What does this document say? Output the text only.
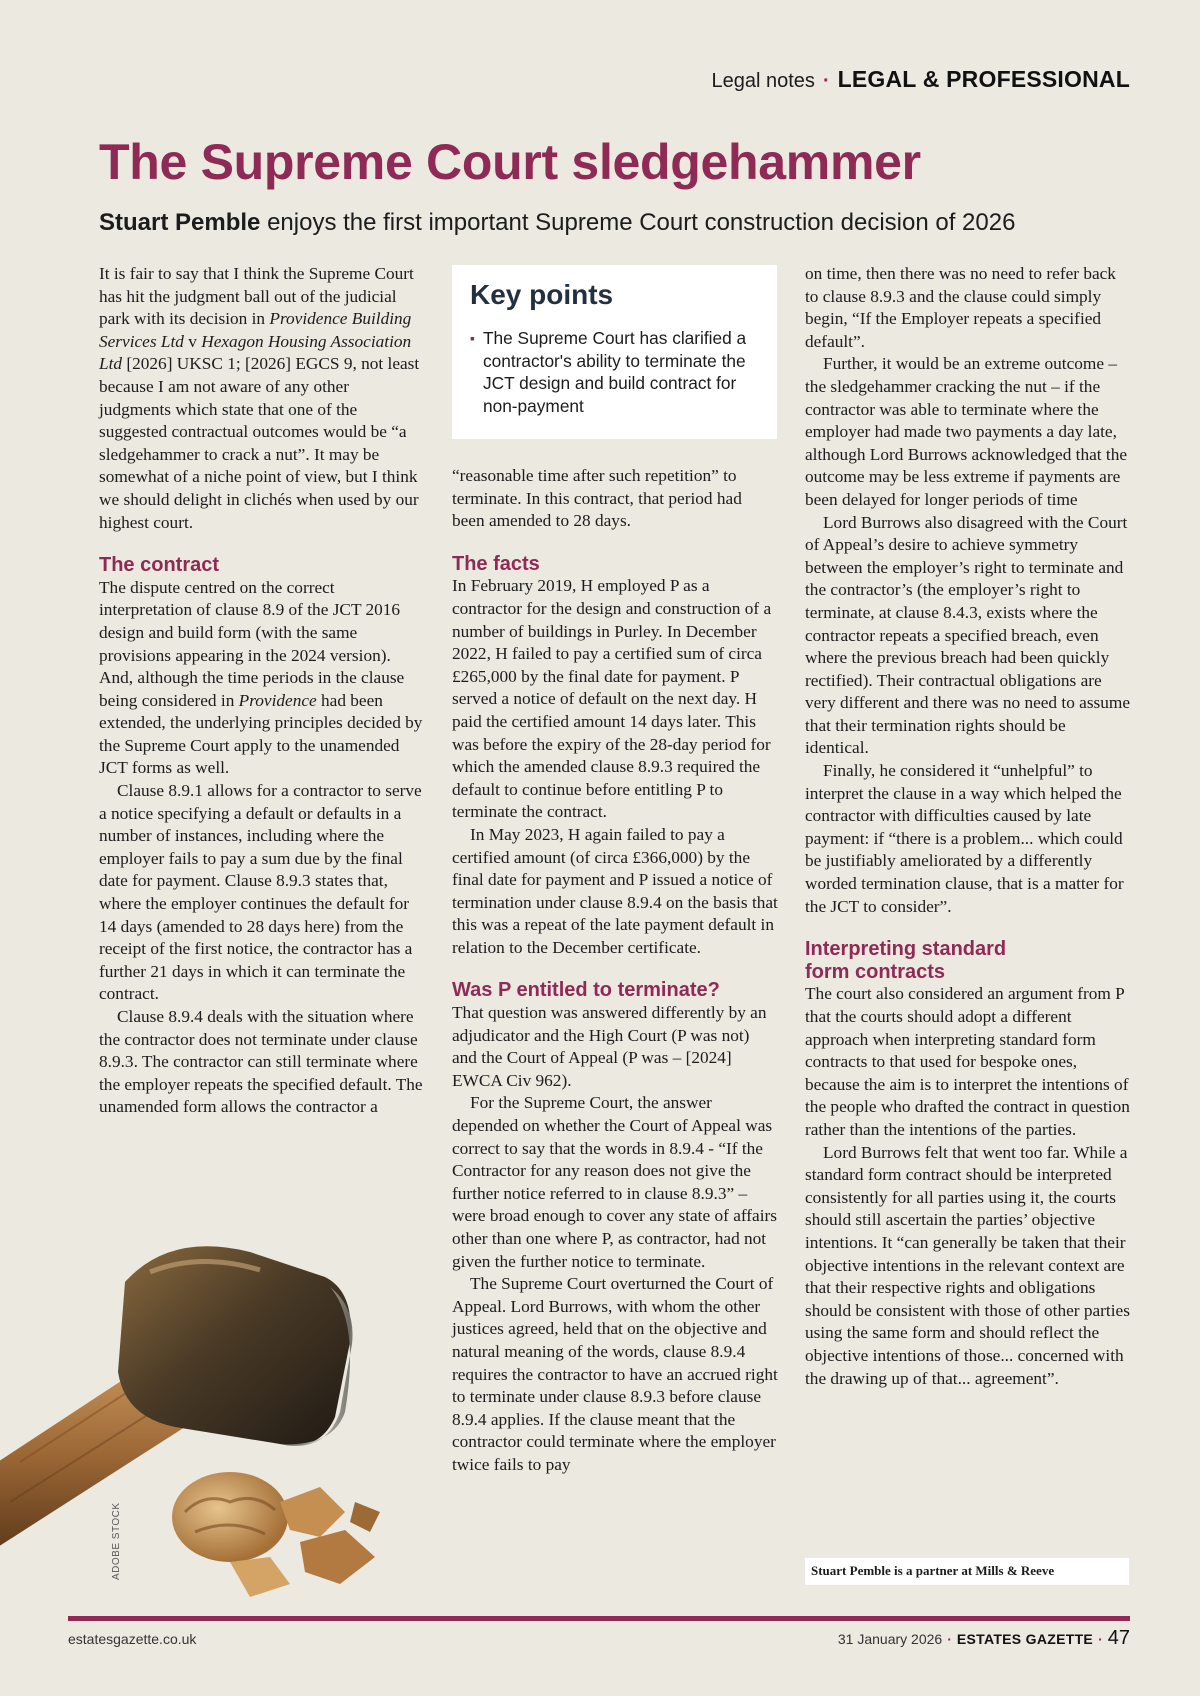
Legal notes · LEGAL & PROFESSIONAL
The Supreme Court sledgehammer

Stuart Pemble enjoys the first important Supreme Court construction decision of 2026

It is fair to say that I think the Supreme Court has hit the judgment ball out of the judicial park with its decision in Providence Building Services Ltd v Hexagon Housing Association Ltd [2026] UKSC 1; [2026] EGCS 9, not least because I am not aware of any other judgments which state that one of the suggested contractual outcomes would be “a sledgehammer to crack a nut”. It may be somewhat of a niche point of view, but I think we should delight in clichés when used by our highest court.

The contract

The dispute centred on the correct interpretation of clause 8.9 of the JCT 2016 design and build form (with the same provisions appearing in the 2024 version). And, although the time periods in the clause being considered in Providence had been extended, the underlying principles decided by the Supreme Court apply to the unamended JCT forms as well.

Clause 8.9.1 allows for a contractor to serve a notice specifying a default or defaults in a number of instances, including where the employer fails to pay a sum due by the final date for payment. Clause 8.9.3 states that, where the employer continues the default for 14 days (amended to 28 days here) from the receipt of the first notice, the contractor has a further 21 days in which it can terminate the contract.

Clause 8.9.4 deals with the situation where the contractor does not terminate under clause 8.9.3. The contractor can still terminate where the employer repeats the specified default. The unamended form allows the contractor a

Key points
▪ The Supreme Court has clarified a contractor's ability to terminate the JCT design and build contract for non-payment

“reasonable time after such repetition” to terminate. In this contract, that period had been amended to 28 days.

The facts

In February 2019, H employed P as a contractor for the design and construction of a number of buildings in Purley. In December 2022, H failed to pay a certified sum of circa £265,000 by the final date for payment. P served a notice of default on the next day. H paid the certified amount 14 days later. This was before the expiry of the 28-day period for which the amended clause 8.9.3 required the default to continue before entitling P to terminate the contract.

In May 2023, H again failed to pay a certified amount (of circa £366,000) by the final date for payment and P issued a notice of termination under clause 8.9.4 on the basis that this was a repeat of the late payment default in relation to the December certificate.

Was P entitled to terminate?

That question was answered differently by an adjudicator and the High Court (P was not) and the Court of Appeal (P was – [2024] EWCA Civ 962).

For the Supreme Court, the answer depended on whether the Court of Appeal was correct to say that the words in 8.9.4 - “If the Contractor for any reason does not give the further notice referred to in clause 8.9.3” – were broad enough to cover any state of affairs other than one where P, as contractor, had not given the further notice to terminate.

The Supreme Court overturned the Court of Appeal. Lord Burrows, with whom the other justices agreed, held that on the objective and natural meaning of the words, clause 8.9.4 requires the contractor to have an accrued right to terminate under clause 8.9.3 before clause 8.9.4 applies. If the clause meant that the contractor could terminate where the employer twice fails to pay

on time, then there was no need to refer back to clause 8.9.3 and the clause could simply begin, “If the Employer repeats a specified default”.

Further, it would be an extreme outcome – the sledgehammer cracking the nut – if the contractor was able to terminate where the employer had made two payments a day late, although Lord Burrows acknowledged that the outcome may be less extreme if payments are been delayed for longer periods of time

Lord Burrows also disagreed with the Court of Appeal’s desire to achieve symmetry between the employer’s right to terminate and the contractor’s (the employer’s right to terminate, at clause 8.4.3, exists where the contractor repeats a specified breach, even where the previous breach had been quickly rectified). Their contractual obligations are very different and there was no need to assume that their termination rights should be identical.

Finally, he considered it “unhelpful” to interpret the clause in a way which helped the contractor with difficulties caused by late payment: if “there is a problem... which could be justifiably ameliorated by a differently worded termination clause, that is a matter for the JCT to consider”.

Interpreting standard
form contracts

The court also considered an argument from P that the courts should adopt a different approach when interpreting standard form contracts to that used for bespoke ones, because the aim is to interpret the intentions of the people who drafted the contract in question rather than the intentions of the parties.

Lord Burrows felt that went too far. While a standard form contract should be interpreted consistently for all parties using it, the courts should still ascertain the parties’ objective intentions. It “can generally be taken that their objective intentions in the relevant context are that their respective rights and obligations should be consistent with those of other parties using the same form and should reflect the objective intentions of those... concerned with the drawing up of that... agreement”.

Stuart Pemble is a partner at Mills & Reeve
ADOBE STOCK
estatesgazette.co.uk	31 January 2026 · ESTATES GAZETTE · 47
